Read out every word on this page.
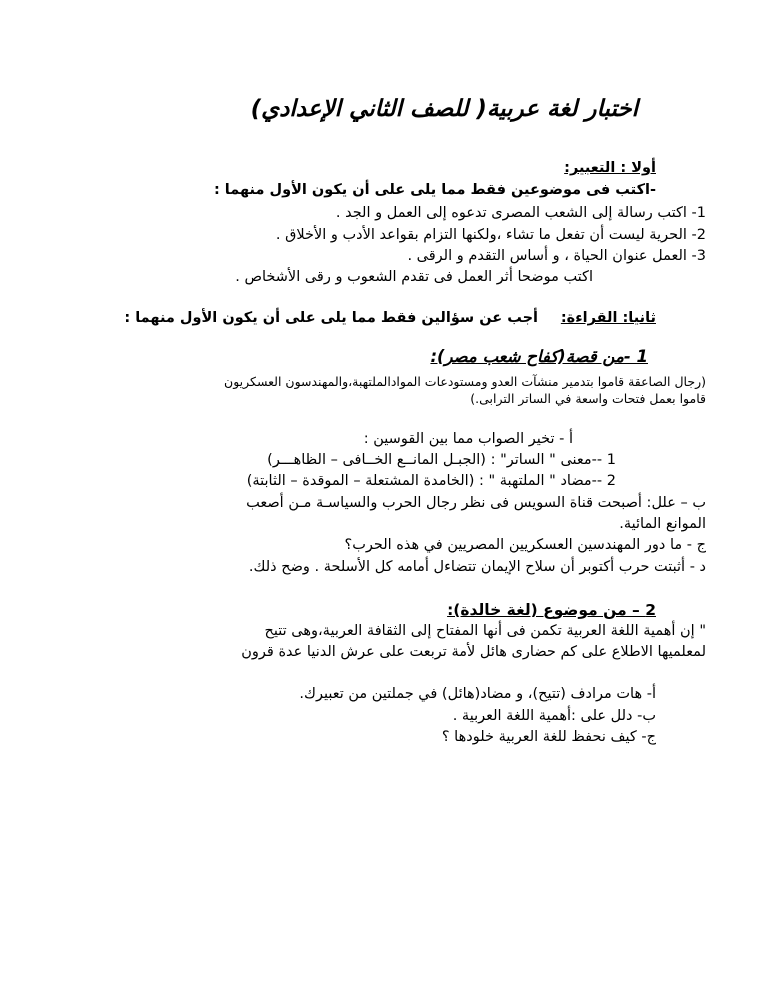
اختبار لغة عربية( للصف الثاني الإعدادي)
أولا : التعبير:
-اكتب فى موضوعين فقط مما يلى على أن يكون الأول منهما :
1- اكتب رسالة إلى الشعب المصرى تدعوه إلى العمل و الجد .
2- الحرية ليست أن تفعل ما تشاء ،ولكنها التزام بقواعد الأدب و الأخلاق .
3- العمل عنوان الحياة ، و أساس التقدم و الرقى .
اكتب موضحا أثر العمل فى تقدم الشعوب و رقى الأشخاص .
ثانيا: القراءة:
أجب عن سؤالين فقط مما يلى على أن يكون الأول منهما :
1 -من قصة(كفاح شعب مصر):
(رجال الصاعقة قاموا بتدمير منشآت العدو ومستودعات الموادالملتهبة،والمهندسون العسكريون
قاموا بعمل فتحات واسعة في الساتر الترابى.)
أ - تخير الصواب مما بين القوسين :
1 --معنى " الساتر" : (الجبـل المانــع الخــافى – الظاهـــر)
2 --مضاد " الملتهبة " : (الخامدة المشتعلة – الموقدة – الثابتة)
ب – علل: أصبحت قناة السويس فى نظر رجال الحرب والسياسـة مـن أصعب
الموانع المائية.
ج - ما دور المهندسين العسكريين المصريين في هذه الحرب؟
د - أثبتت حرب أكتوبر أن سلاح الإيمان تتضاءل أمامه كل الأسلحة . وضح ذلك.
2 – من موضوع (لغة خالدة):
" إن أهمية اللغة العربية تكمن فى أنها المفتاح إلى الثقافة العربية،وهى تتيح
لمعلميها الاطلاع على كم حضارى هائل لأمة تربعت على عرش الدنيا عدة قرون
أ- هات مرادف (تتيح)، و مضاد(هائل) في جملتين من تعبيرك.
ب- دلل على :أهمية اللغة العربية .
ج- كيف نحفظ للغة العربية خلودها ؟
